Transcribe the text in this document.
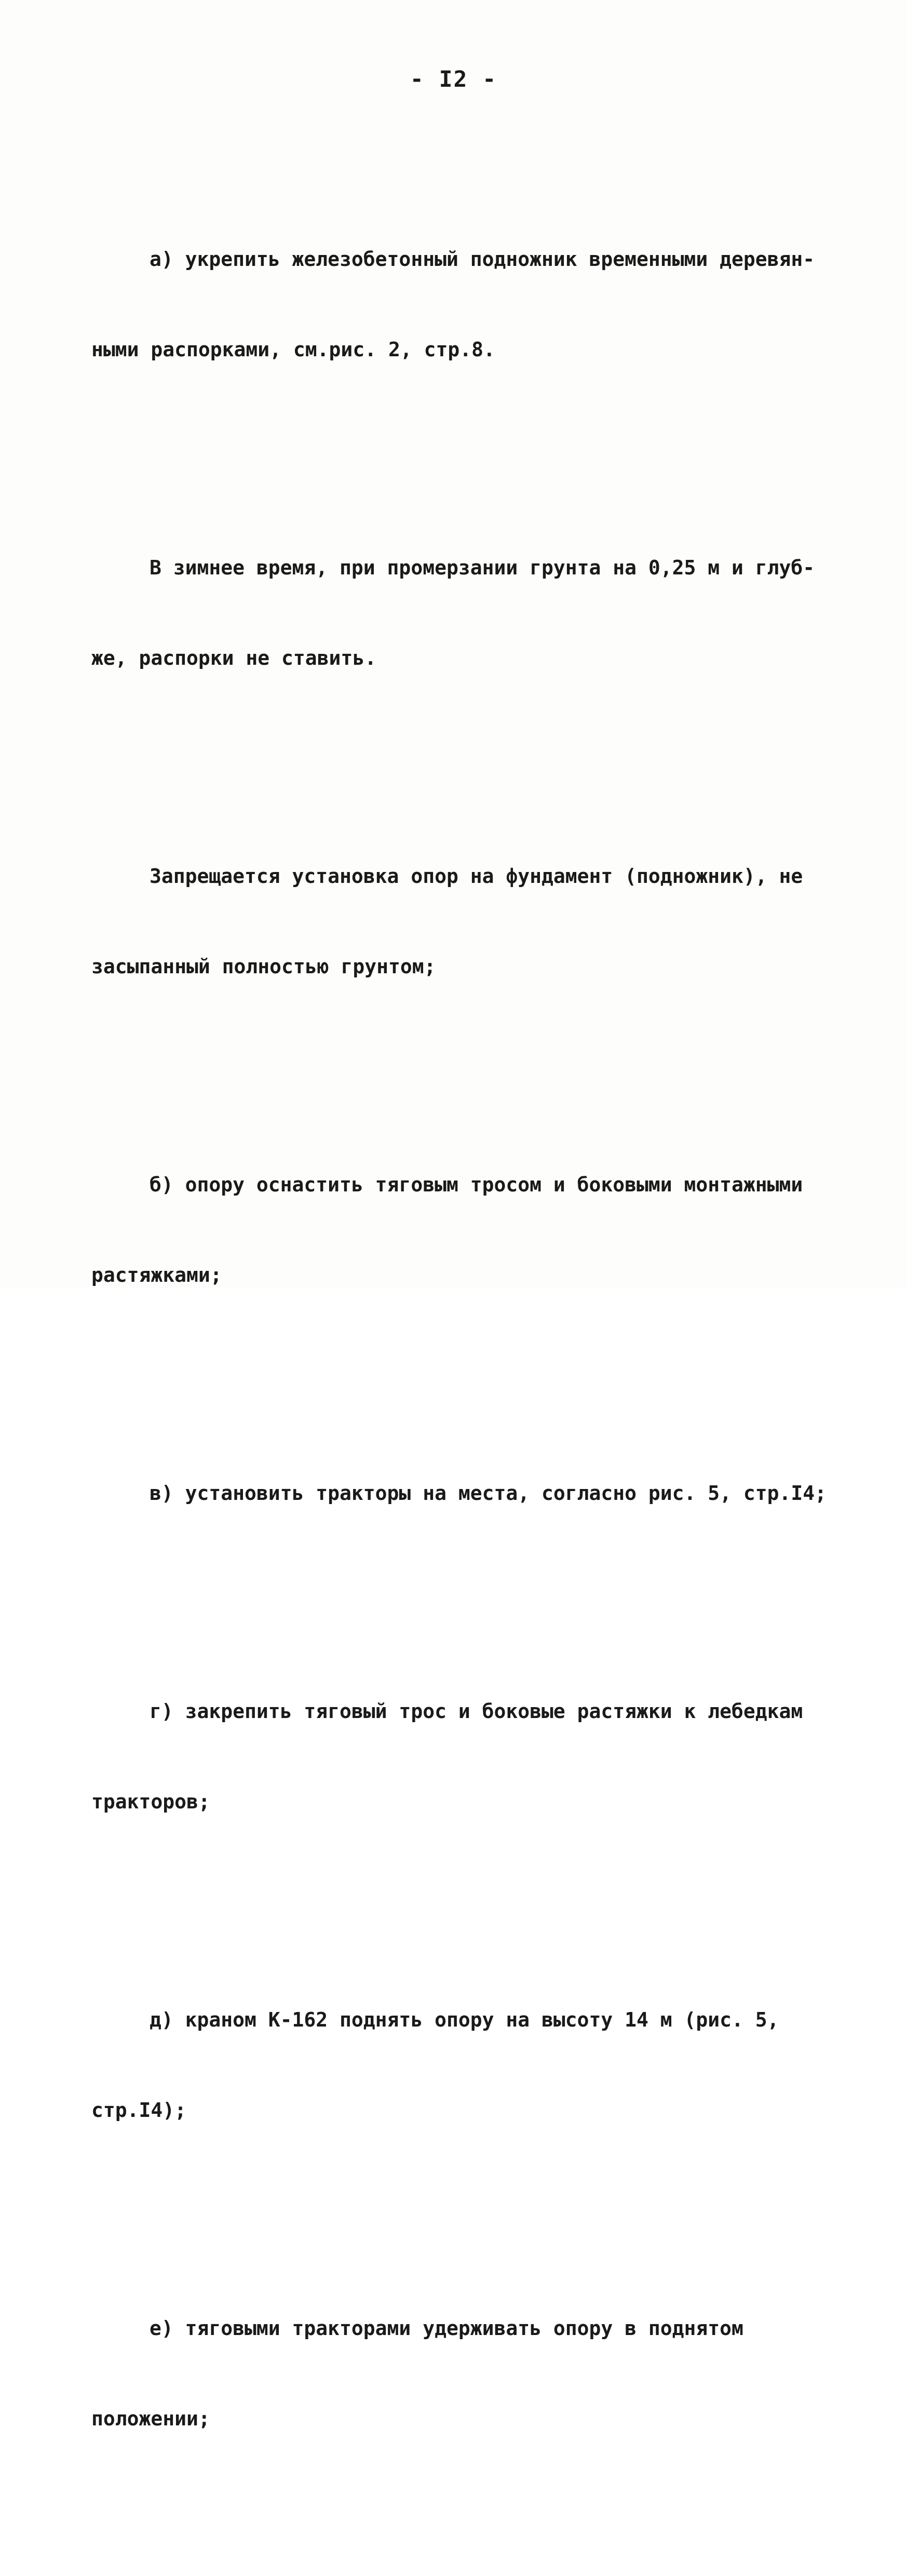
- I2 -

а) укрепить железобетонный подножник временными деревян-

ными распорками, см.рис. 2, стр.8.

В зимнее время, при промерзании грунта на 0,25 м и глуб-

же, распорки не ставить.

Запрещается установка опор на фундамент (подножник), не

засыпанный полностью грунтом;

б) опору оснастить тяговым тросом и боковыми монтажными

растяжками;

в) установить тракторы на места, согласно рис. 5, стр.I4;

г) закрепить тяговый трос и боковые растяжки к лебедкам

тракторов;

д) краном К-162 поднять опору на высоту 14 м (рис. 5,

стр.I4);

е) тяговыми тракторами удерживать опору в поднятом

положении;
